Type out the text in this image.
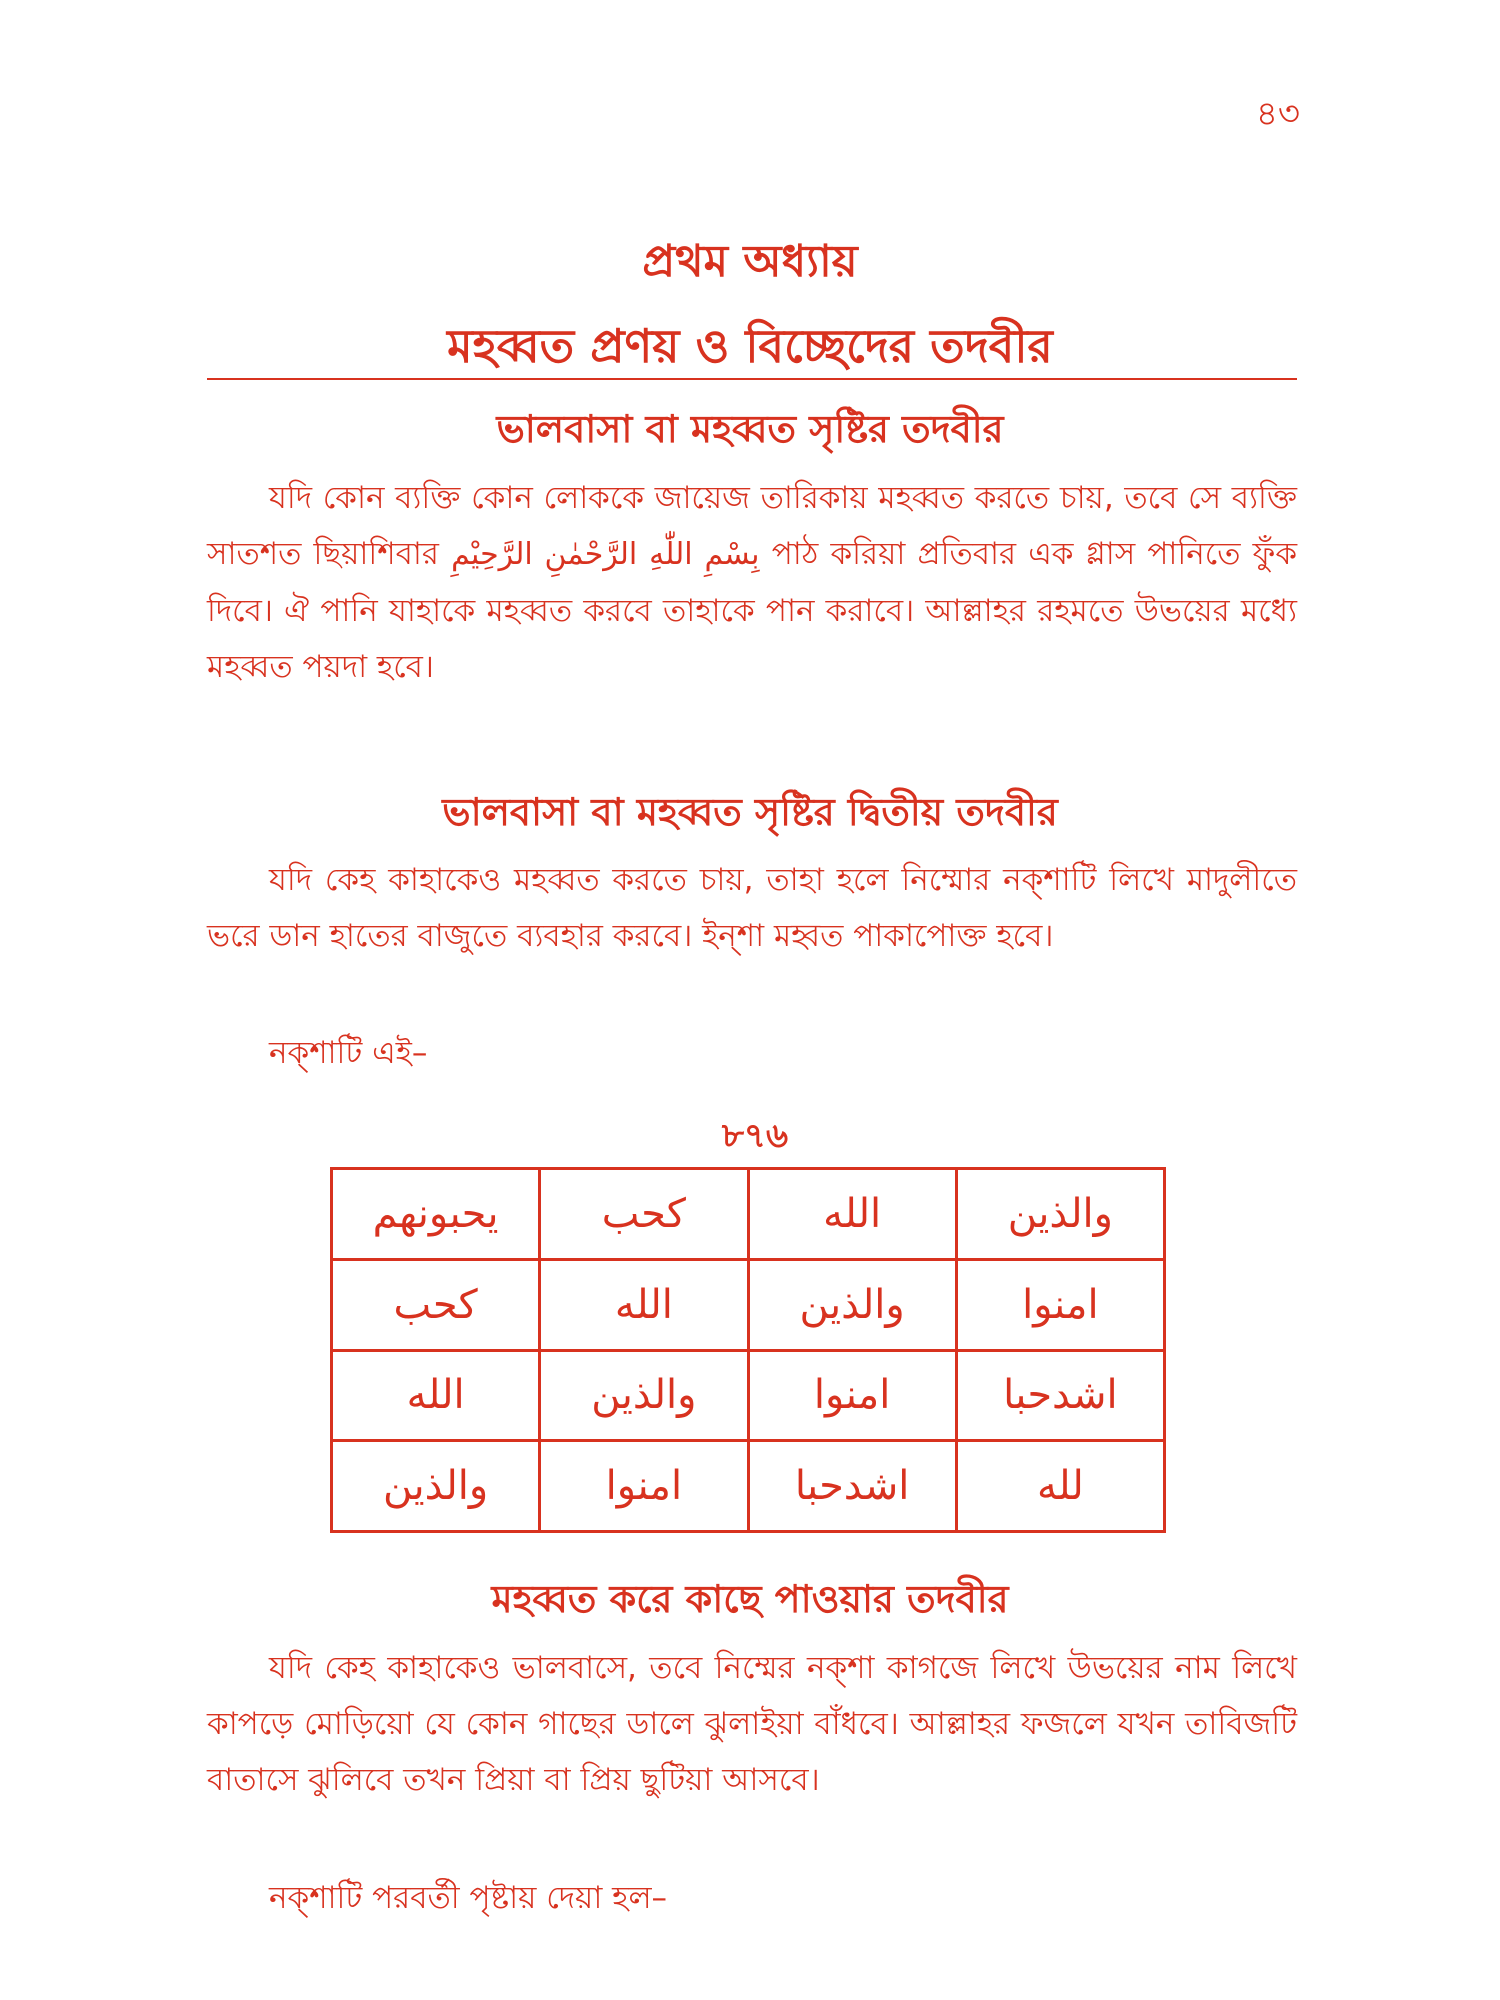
৪৩
প্রথম অধ্যায়
মহব্বত প্রণয় ও বিচ্ছেদের তদবীর
ভালবাসা বা মহব্বত সৃষ্টির তদবীর

যদি কোন ব্যক্তি কোন লোককে জায়েজ তারিকায় মহব্বত করতে চায়, তবে সে ব্যক্তি সাতশত ছিয়াশিবার بِسْمِ اللّٰهِ الرَّحْمٰنِ الرَّحِيْمِ পাঠ করিয়া প্রতিবার এক গ্লাস পানিতে ফুঁক দিবে। ঐ পানি যাহাকে মহব্বত করবে তাহাকে পান করাবে। আল্লাহর রহমতে উভয়ের মধ্যে মহব্বত পয়দা হবে।

ভালবাসা বা মহব্বত সৃষ্টির দ্বিতীয় তদবীর

যদি কেহ কাহাকেও মহব্বত করতে চায়, তাহা হলে নিম্মোর নক্‌শাটি লিখে মাদুলীতে ভরে ডান হাতের বাজুতে ব্যবহার করবে। ইন্‌শা মহ্বত পাকাপোক্ত হবে।

নক্‌শাটি এই–

৮৭৬
يحبونهم	كحب	الله	والذين
كحب	الله	والذين	امنوا
الله	والذين	امنوا	اشدحبا
والذين	امنوا	اشدحبا	لله
মহব্বত করে কাছে পাওয়ার তদবীর

যদি কেহ কাহাকেও ভালবাসে, তবে নিম্মের নক্‌শা কাগজে লিখে উভয়ের নাম লিখে কাপড়ে মোড়িয়ো যে কোন গাছের ডালে ঝুলাইয়া বাঁধবে। আল্লাহর ফজলে যখন তাবিজটি বাতাসে ঝুলিবে তখন প্রিয়া বা প্রিয় ছুটিয়া আসবে।

নক্‌শাটি পরবর্তী পৃষ্টায় দেয়া হল–
